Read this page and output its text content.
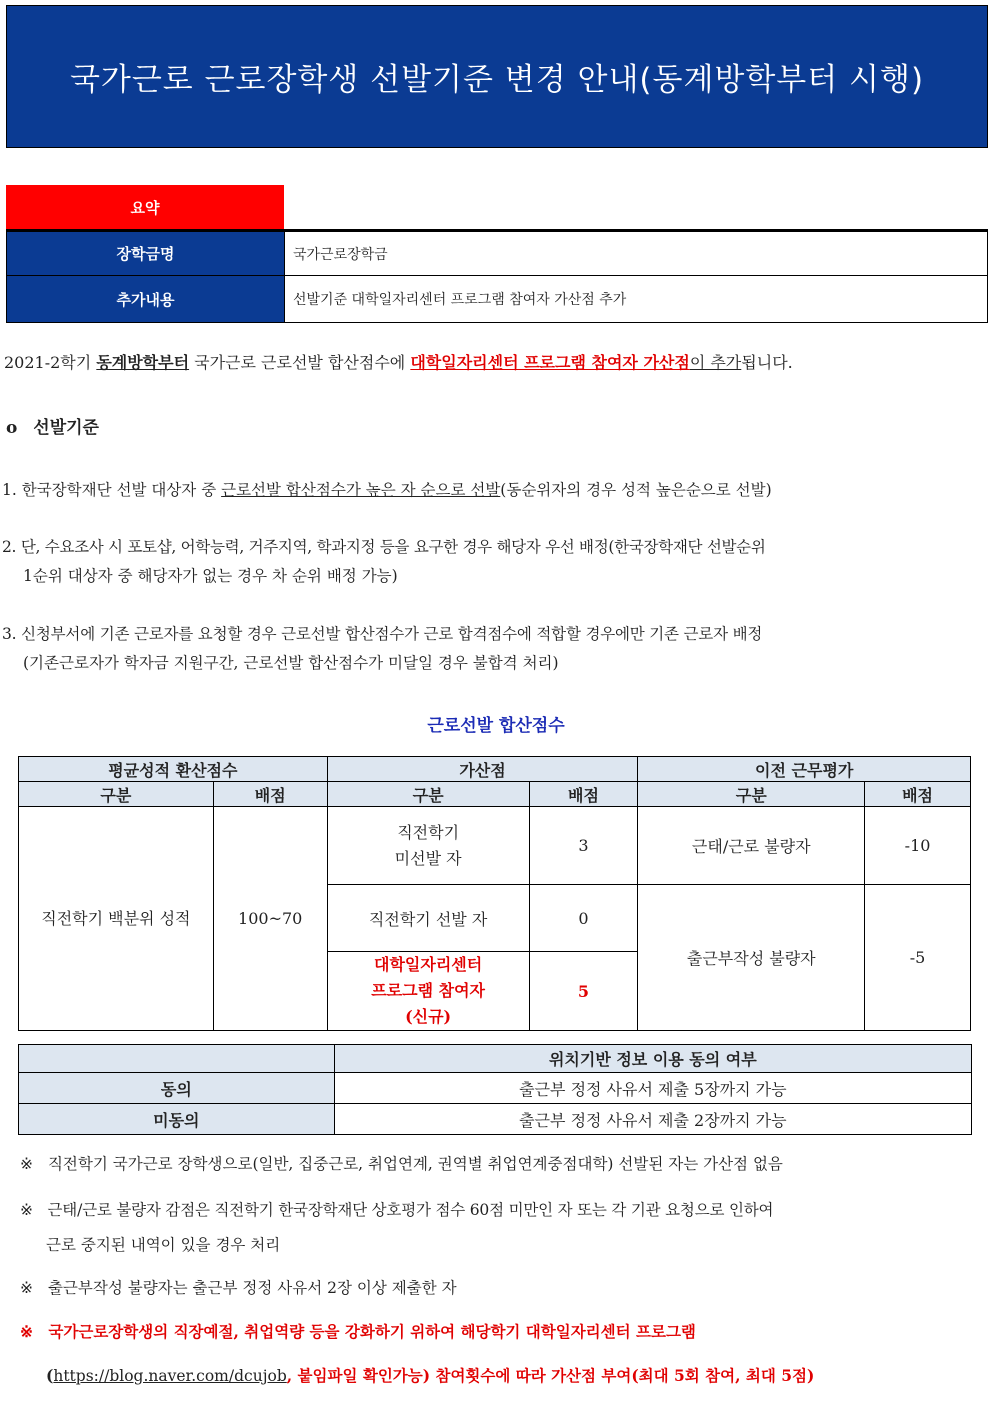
국가근로 근로장학생 선발기준 변경 안내(동계방학부터 시행)
요약
장학금명	국가근로장학금
추가내용	선발기준 대학일자리센터 프로그램 참여자 가산점 추가
2021-2학기 동계방학부터 국가근로 근로선발 합산점수에 대학일자리센터 프로그램 참여자 가산점이 추가됩니다.
o 선발기준
1. 한국장학재단 선발 대상자 중 근로선발 합산점수가 높은 자 순으로 선발(동순위자의 경우 성적 높은순으로 선발)
2. 단, 수요조사 시 포토샵, 어학능력, 거주지역, 학과지정 등을 요구한 경우 해당자 우선 배정(한국장학재단 선발순위
1순위 대상자 중 해당자가 없는 경우 차 순위 배정 가능)
3. 신청부서에 기존 근로자를 요청할 경우 근로선발 합산점수가 근로 합격점수에 적합할 경우에만 기존 근로자 배정
(기존근로자가 학자금 지원구간, 근로선발 합산점수가 미달일 경우 불합격 처리)
근로선발 합산점수
평균성적 환산점수		가산점		이전 근무평가	
구분	배점	구분	배점	구분	배점
직전학기 백분위 성적	100~70	직전학기 미선발 자	3	근태/근로 불량자	-10
		직전학기 선발 자	0	출근부작성 불량자	-5
		대학일자리센터 프로그램 참여자(신규)	5		
	위치기반 정보 이용 동의 여부
동의	출근부 정정 사유서 제출 5장까지 가능
미동의	출근부 정정 사유서 제출 2장까지 가능
※ 직전학기 국가근로 장학생으로(일반, 집중근로, 취업연계, 권역별 취업연계중점대학) 선발된 자는 가산점 없음
※ 근태/근로 불량자 감점은 직전학기 한국장학재단 상호평가 점수 60점 미만인 자 또는 각 기관 요청으로 인하여
근로 중지된 내역이 있을 경우 처리
※ 출근부작성 불량자는 출근부 정정 사유서 2장 이상 제출한 자
※ 국가근로장학생의 직장예절, 취업역량 등을 강화하기 위하여 해당학기 대학일자리센터 프로그램
(https://blog.naver.com/dcujob, 붙임파일 확인가능) 참여횟수에 따라 가산점 부여(최대 5회 참여, 최대 5점)
